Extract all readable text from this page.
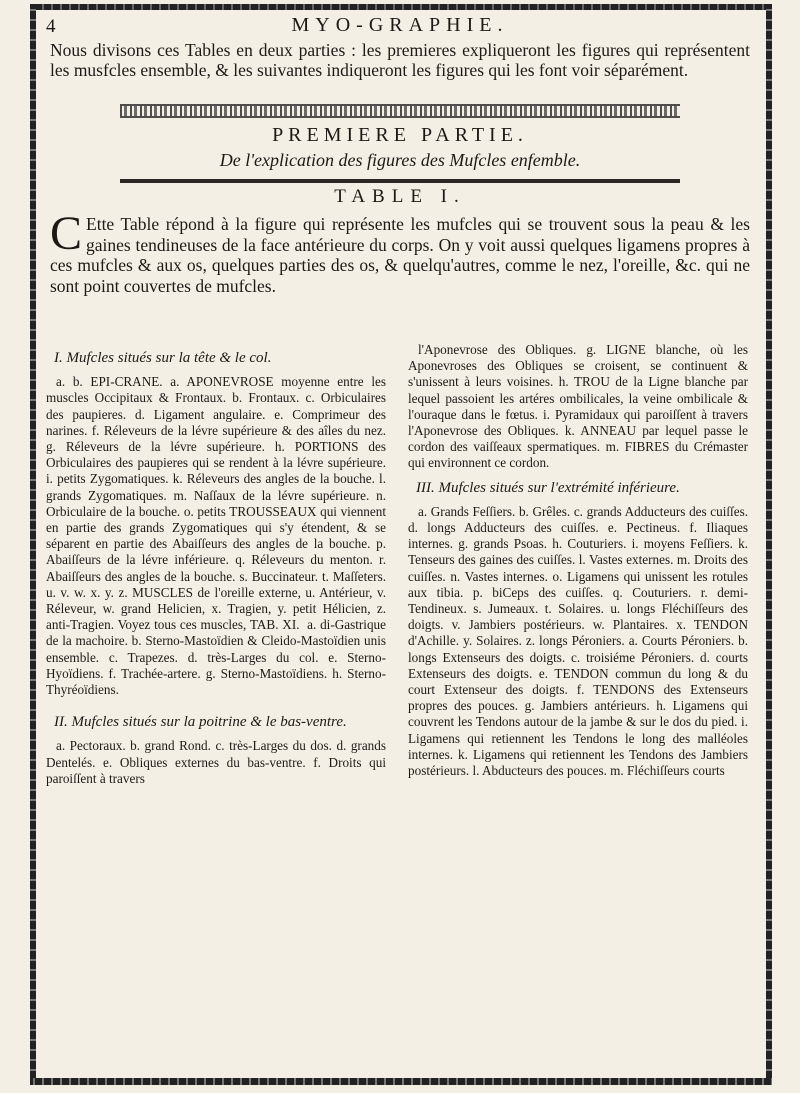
4	MYO-GRAPHIE.
Nous divisons ces Tables en deux parties : les premieres expliqueront les figures qui représentent les musfcles ensemble, & les suivantes indiqueront les figures qui les font voir séparément.
PREMIERE PARTIE.
De l'explication des figures des Mufcles enfemble.
TABLE I.
C Ette Table répond à la figure qui représente les mufcles qui se trouvent sous la peau & les gaines tendineuses de la face antérieure du corps. On y voit aussi quelques ligamens propres à ces mufcles & aux os, quelques parties des os, & quelqu'autres, comme le nez, l'oreille, &c. qui ne sont point couvertes de mufcles.
I. Mufcles situés sur la tête & le col.

a. b. EPI-CRANE. a. APONEVROSE moyenne entre les muscles Occipitaux & Frontaux. b. Frontaux. c. Orbiculaires des paupieres. d. Ligament angulaire. e. Comprimeur des narines. f. Réleveurs de la lévre supérieure & des aîles du nez. g. Réleveurs de la lévre supérieure. h. PORTIONS des Orbiculaires des paupieres qui se rendent à la lévre supérieure. i. petits Zygomatiques. k. Réleveurs des angles de la bouche. l. grands Zygomatiques. m. Naſſaux de la lévre supérieure. n. Orbiculaire de la bouche. o. petits TROUSSEAUX qui viennent en partie des grands Zygomatiques qui s'y étendent, & se séparent en partie des Abaiſſeurs des angles de la bouche. p. Abaiſſeurs de la lévre inférieure. q. Réleveurs du menton. r. Abaiſſeurs des angles de la bouche. s. Buccinateur. t. Maſſeters. u. v. w. x. y. z. MUSCLES de l'oreille externe, u. Antérieur, v. Réleveur, w. grand Helicien, x. Tragien, y. petit Hélicien, z. anti-Tragien. Voyez tous ces muscles, TAB. XI.  a. di-Gastrique de la machoire. b. Sterno-Mastoïdien & Cleido-Mastoïdien unis ensemble. c. Trapezes. d. très-Larges du col. e. Sterno-Hyoïdiens. f. Trachée-artere. g. Sterno-Mastoïdiens. h. Sterno-Thyréoïdiens.

II. Mufcles situés sur la poitrine & le bas-ventre.

a. Pectoraux. b. grand Rond. c. très-Larges du dos. d. grands Dentelés. e. Obliques externes du bas-ventre. f. Droits qui paroiſſent à travers

l'Aponevrose des Obliques. g. LIGNE blanche, où les Aponevroses des Obliques se croisent, se continuent & s'unissent à leurs voisines. h. TROU de la Ligne blanche par lequel passoient les artéres ombilicales, la veine ombilicale & l'ouraque dans le fœtus. i. Pyramidaux qui paroiſſent à travers l'Aponevrose des Obliques. k. ANNEAU par lequel passe le cordon des vaiſſeaux spermatiques. m. FIBRES du Crémaster qui environnent ce cordon.

III. Mufcles situés sur l'extrémité inférieure.

a. Grands Feſſiers. b. Grêles. c. grands Adducteurs des cuiſſes. d. longs Adducteurs des cuiſſes. e. Pectineus. f. Iliaques internes. g. grands Psoas. h. Couturiers. i. moyens Feſſiers. k. Tenseurs des gaines des cuiſſes. l. Vastes externes. m. Droits des cuiſſes. n. Vastes internes. o. Ligamens qui unissent les rotules aux tibia. p. biCeps des cuiſſes. q. Couturiers. r. demi-Tendineux. s. Jumeaux. t. Solaires. u. longs Fléchiſſeurs des doigts. v. Jambiers postérieurs. w. Plantaires. x. TENDON d'Achille. y. Solaires. z. longs Péroniers. a. Courts Péroniers. b. longs Extenseurs des doigts. c. troisiéme Péroniers. d. courts Extenseurs des doigts. e. TENDON commun du long & du court Extenseur des doigts. f. TENDONS des Extenseurs propres des pouces. g. Jambiers antérieurs. h. Ligamens qui couvrent les Tendons autour de la jambe & sur le dos du pied. i. Ligamens qui retiennent les Tendons le long des malléoles internes. k. Ligamens qui retiennent les Tendons des Jambiers postérieurs. l. Abducteurs des pouces. m. Fléchiſſeurs courts
